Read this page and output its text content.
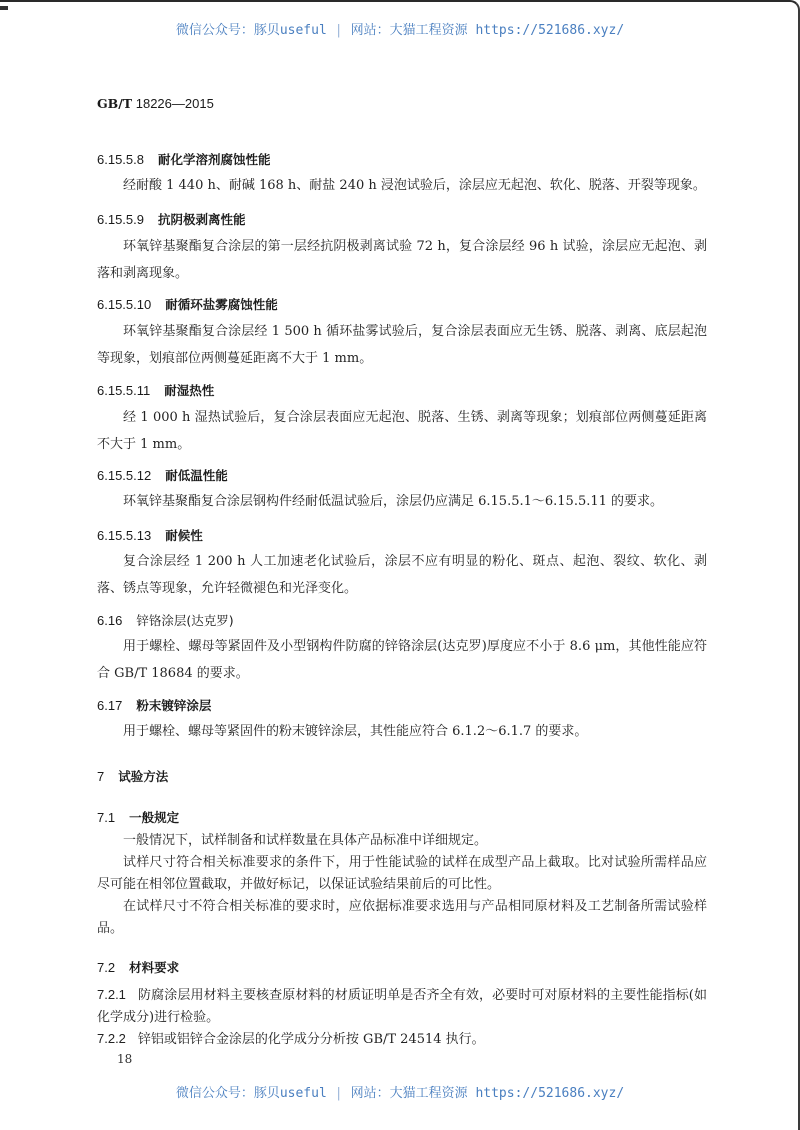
微信公众号：豚贝useful | 网站：大猫工程资源 https://521686.xyz/
GB/T 18226—2015
6.15.5.8 耐化学溶剂腐蚀性能
经耐酸 1 440 h、耐碱 168 h、耐盐 240 h 浸泡试验后，涂层应无起泡、软化、脱落、开裂等现象。
6.15.5.9 抗阴极剥离性能
环氧锌基聚酯复合涂层的第一层经抗阴极剥离试验 72 h，复合涂层经 96 h 试验，涂层应无起泡、剥落和剥离现象。
6.15.5.10 耐循环盐雾腐蚀性能
环氧锌基聚酯复合涂层经 1 500 h 循环盐雾试验后，复合涂层表面应无生锈、脱落、剥离、底层起泡等现象，划痕部位两侧蔓延距离不大于 1 mm。
6.15.5.11 耐湿热性
经 1 000 h 湿热试验后，复合涂层表面应无起泡、脱落、生锈、剥离等现象；划痕部位两侧蔓延距离不大于 1 mm。
6.15.5.12 耐低温性能
环氧锌基聚酯复合涂层钢构件经耐低温试验后，涂层仍应满足 6.15.5.1～6.15.5.11 的要求。
6.15.5.13 耐候性
复合涂层经 1 200 h 人工加速老化试验后，涂层不应有明显的粉化、斑点、起泡、裂纹、软化、剥落、锈点等现象，允许轻微褪色和光泽变化。
6.16 锌铬涂层(达克罗)
用于螺栓、螺母等紧固件及小型钢构件防腐的锌铬涂层(达克罗)厚度应不小于 8.6 μm，其他性能应符合 GB/T 18684 的要求。
6.17 粉末镀锌涂层
用于螺栓、螺母等紧固件的粉末镀锌涂层，其性能应符合 6.1.2～6.1.7 的要求。
7 试验方法
7.1 一般规定
一般情况下，试样制备和试样数量在具体产品标准中详细规定。
试样尺寸符合相关标准要求的条件下，用于性能试验的试样在成型产品上截取。比对试验所需样品应尽可能在相邻位置截取，并做好标记，以保证试验结果前后的可比性。
在试样尺寸不符合相关标准的要求时，应依据标准要求选用与产品相同原材料及工艺制备所需试验样品。
7.2 材料要求
7.2.1 防腐涂层用材料主要核查原材料的材质证明单是否齐全有效，必要时可对原材料的主要性能指标(如化学成分)进行检验。
7.2.2 锌铝或铝锌合金涂层的化学成分分析按 GB/T 24514 执行。
18
微信公众号：豚贝useful | 网站：大猫工程资源 https://521686.xyz/
